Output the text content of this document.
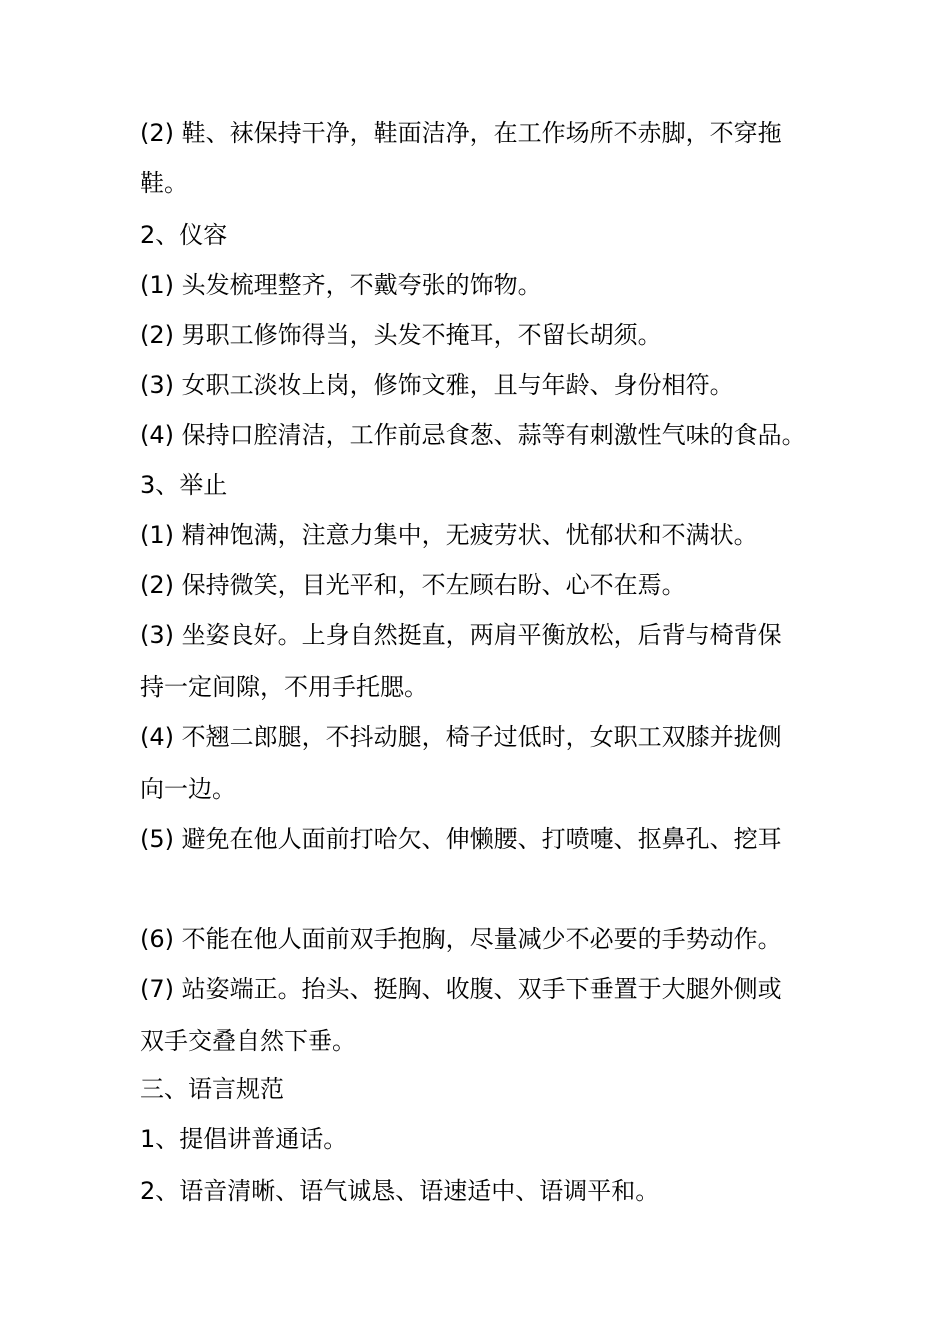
(2) 鞋、袜保持干净，鞋面洁净，在工作场所不赤脚，不穿拖
鞋。
2、仪容
(1) 头发梳理整齐，不戴夸张的饰物。
(2) 男职工修饰得当，头发不掩耳，不留长胡须。
(3) 女职工淡妆上岗，修饰文雅，且与年龄、身份相符。
(4) 保持口腔清洁，工作前忌食葱、蒜等有刺激性气味的食品。
3、举止
(1) 精神饱满，注意力集中，无疲劳状、忧郁状和不满状。
(2) 保持微笑，目光平和，不左顾右盼、心不在焉。
(3) 坐姿良好。上身自然挺直，两肩平衡放松，后背与椅背保
持一定间隙，不用手托腮。
(4) 不翘二郎腿，不抖动腿，椅子过低时，女职工双膝并拢侧
向一边。
(5) 避免在他人面前打哈欠、伸懒腰、打喷嚏、抠鼻孔、挖耳
(6) 不能在他人面前双手抱胸，尽量减少不必要的手势动作。
(7) 站姿端正。抬头、挺胸、收腹、双手下垂置于大腿外侧或
双手交叠自然下垂。
三、语言规范
1、提倡讲普通话。
2、语音清晰、语气诚恳、语速适中、语调平和。
